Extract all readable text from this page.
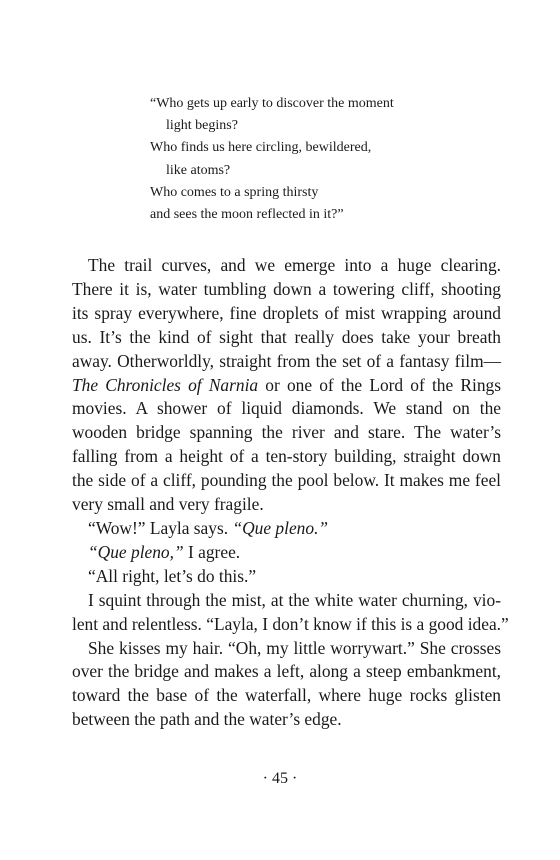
“Who gets up early to discover the moment
light begins?
Who finds us here circling, bewildered,
like atoms?
Who comes to a spring thirsty
and sees the moon reflected in it?”
The trail curves, and we emerge into a huge clearing.
There it is, water tumbling down a towering cliff, shooting
its spray everywhere, fine droplets of mist wrapping around
us. It’s the kind of sight that really does take your breath
away. Otherworldly, straight from the set of a fantasy film—
The Chronicles of Narnia or one of the Lord of the Rings
movies. A shower of liquid diamonds. We stand on the
wooden bridge spanning the river and stare. The water’s
falling from a height of a ten-story building, straight down
the side of a cliff, pounding the pool below. It makes me feel
very small and very fragile.
“Wow!” Layla says. “Que pleno.”
“Que pleno,” I agree.
“All right, let’s do this.”
I squint through the mist, at the white water churning, vio-
lent and relentless. “Layla, I don’t know if this is a good idea.”
She kisses my hair. “Oh, my little worrywart.” She crosses
over the bridge and makes a left, along a steep embankment,
toward the base of the waterfall, where huge rocks glisten
between the path and the water’s edge.
· 45 ·
